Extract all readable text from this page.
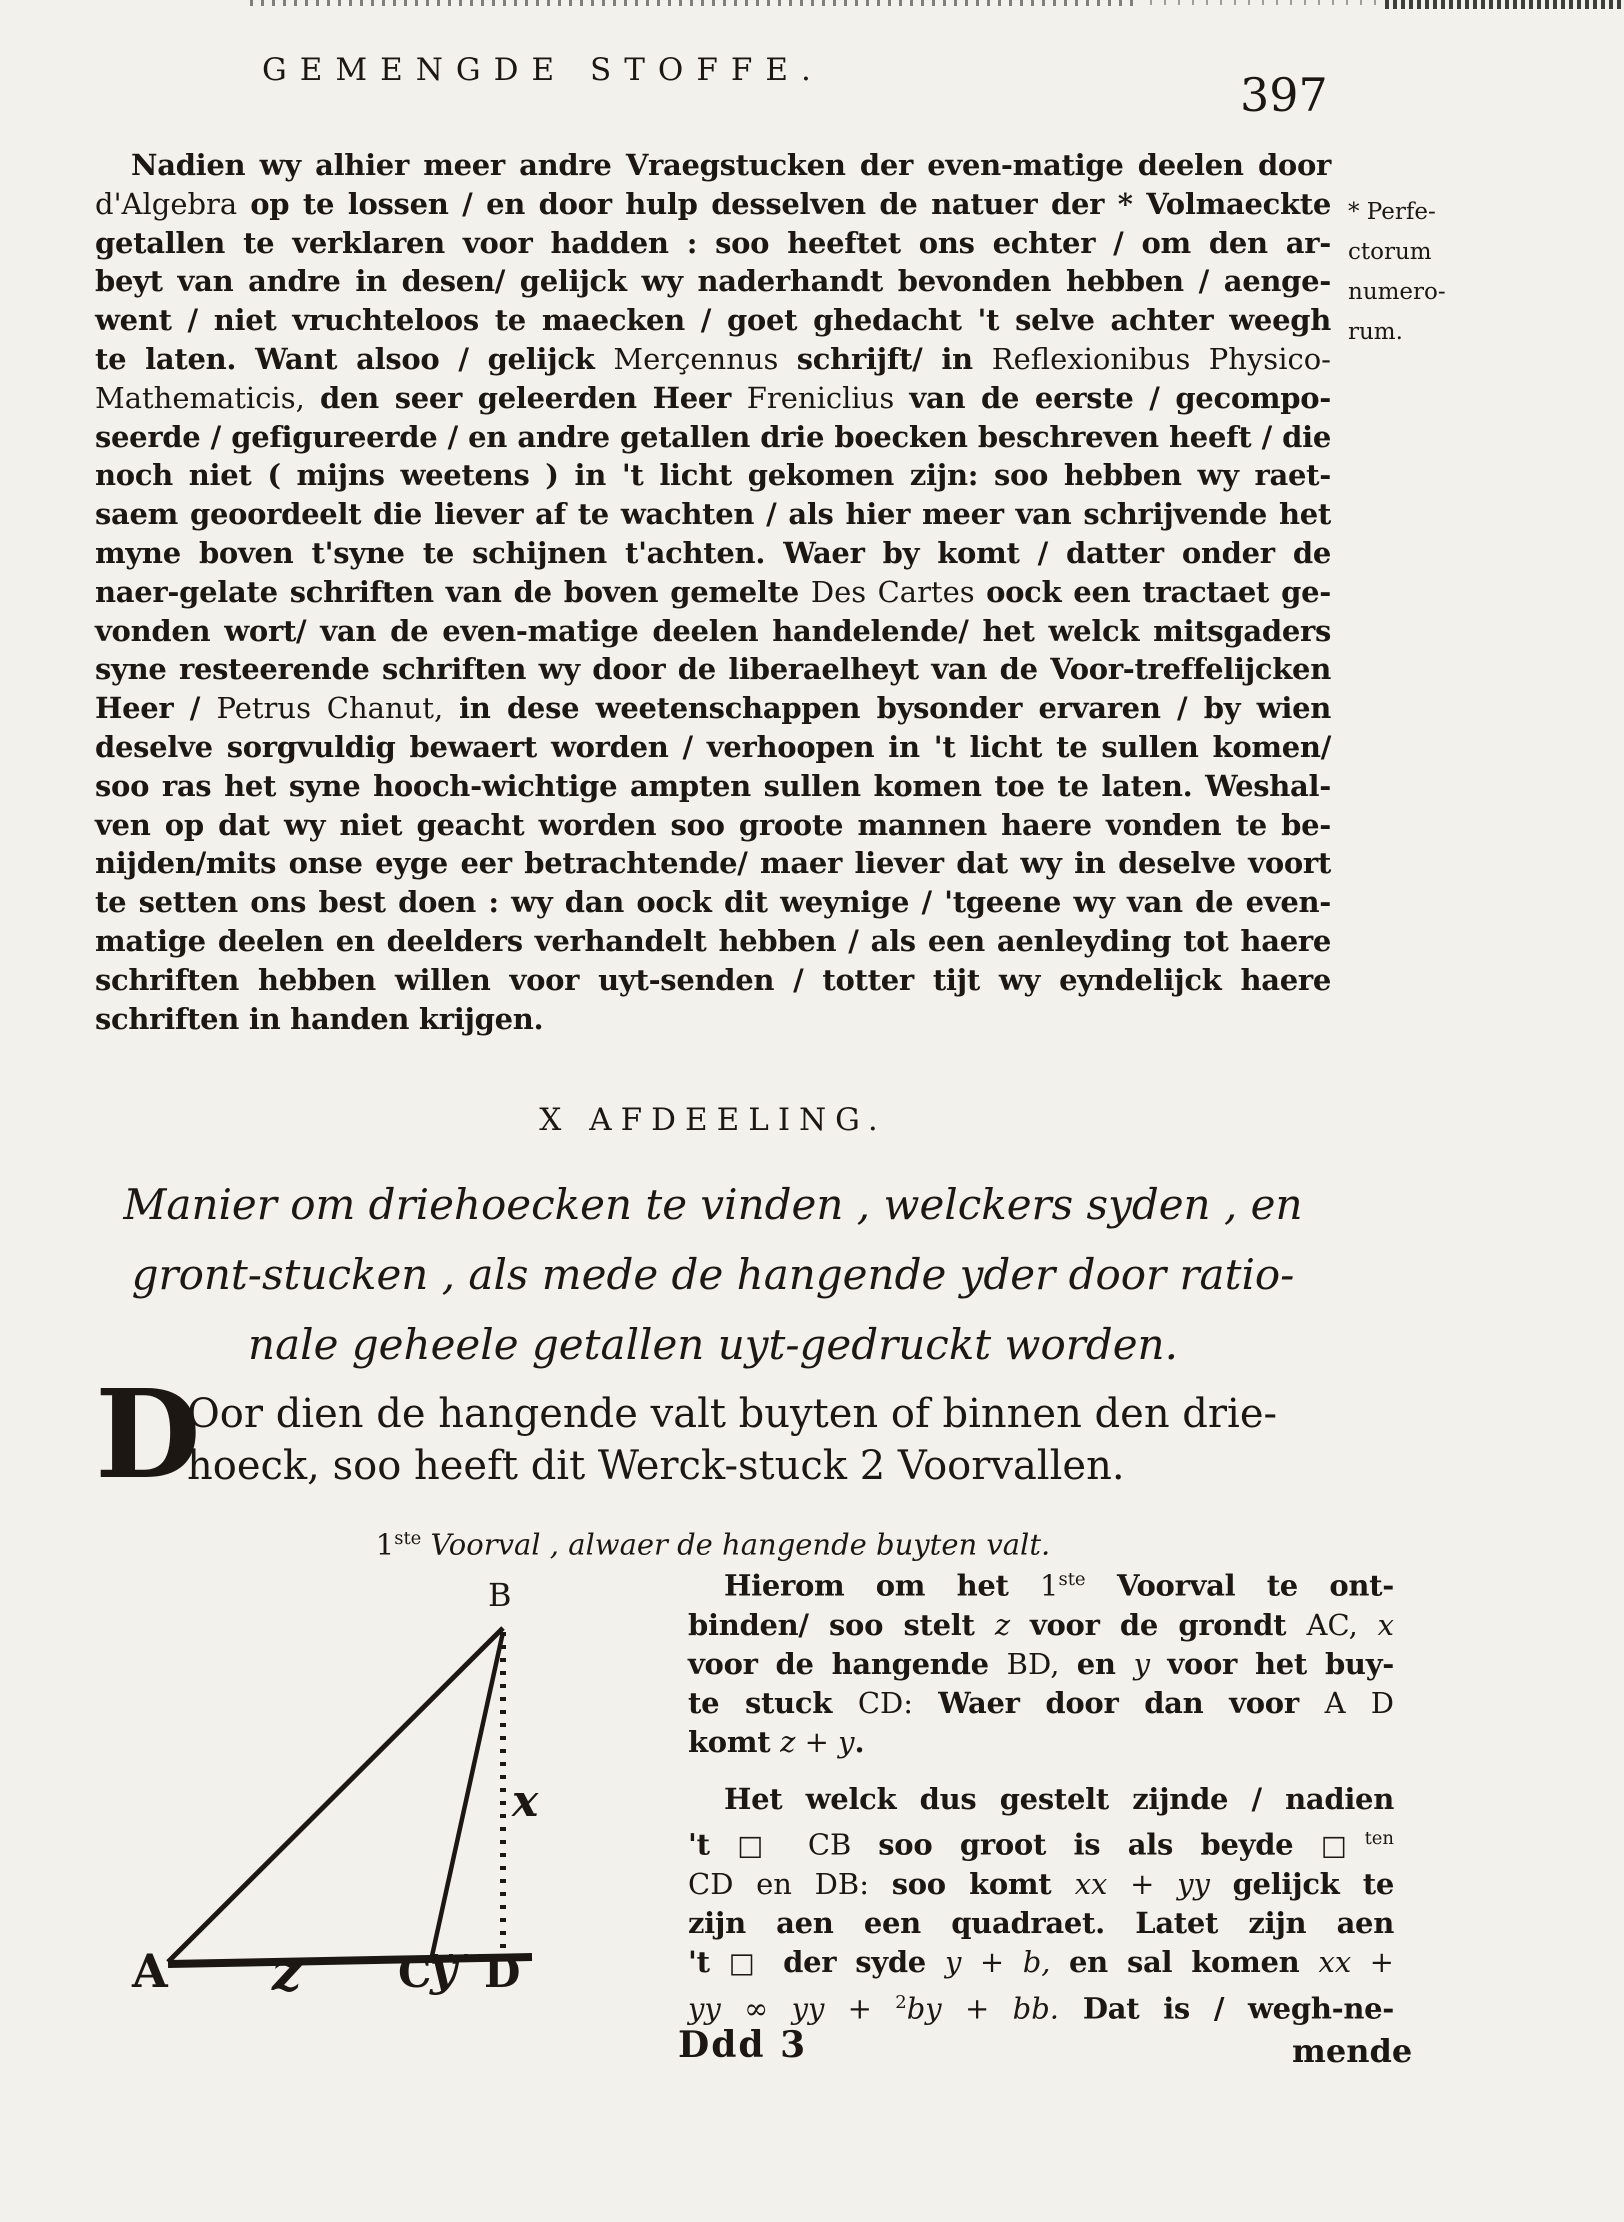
GEMENGDE STOFFE.	397
* Perfe-
ctorum
numero-
rum.
Nadien wy alhier meer andre Vraegstucken der even-matige deelen door
d'Algebra op te lossen / en door hulp desselven de natuer der * Volmaeckte
getallen te verklaren voor hadden : soo heeftet ons echter / om den ar-
beyt van andre in desen/ gelijck wy naderhandt bevonden hebben / aenge-
went / niet vruchteloos te maecken / goet ghedacht 't selve achter weegh
te laten. Want alsoo / gelijck Merçennus schrijft/ in Reflexionibus Physico-
Mathematicis, den seer geleerden Heer Freniclius van de eerste / gecompo-
seerde / gefigureerde / en andre getallen drie boecken beschreven heeft / die
noch niet ( mijns weetens ) in 't licht gekomen zijn: soo hebben wy raet-
saem geoordeelt die liever af te wachten / als hier meer van schrijvende het
myne boven t'syne te schijnen t'achten. Waer by komt / datter onder de
naer-gelate schriften van de boven gemelte Des Cartes oock een tractaet ge-
vonden wort/ van de even-matige deelen handelende/ het welck mitsgaders
syne resteerende schriften wy door de liberaelheyt van de Voor-treffelijcken
Heer / Petrus Chanut, in dese weetenschappen bysonder ervaren / by wien
deselve sorgvuldig bewaert worden / verhoopen in 't licht te sullen komen/
soo ras het syne hooch-wichtige ampten sullen komen toe te laten. Weshal-
ven op dat wy niet geacht worden soo groote mannen haere vonden te be-
nijden/mits onse eyge eer betrachtende/ maer liever dat wy in deselve voort
te setten ons best doen : wy dan oock dit weynige / 'tgeene wy van de even-
matige deelen en deelders verhandelt hebben / als een aenleyding tot haere
schriften hebben willen voor uyt-senden / totter tijt wy eyndelijck haere
schriften in handen krijgen.
X AFDEELING.
Manier om driehoecken te vinden , welckers syden , en
gront-stucken , als mede de hangende yder door ratio-
nale geheele getallen uyt-gedruckt worden.
D
Oor dien de hangende valt buyten of binnen den drie-
hoeck, soo heeft dit Werck-stuck 2 Voorvallen.
1ste Voorval , alwaer de hangende buyten valt.
B
A z C
y D
x
Hierom om het 1ste Voorval te ont-
binden/ soo stelt z voor de grondt AC, x
voor de hangende BD, en y voor het buy-
te stuck CD: Waer door dan voor A D
komt z + y.
Het welck dus gestelt zijnde / nadien
't □ CB soo groot is als beyde □$^{ten}$
CD en DB: soo komt xx + yy gelijck te
zijn aen een quadraet. Latet zijn aen
't □ der syde y + b, en sal komen xx +
yy ∞ yy + $^2$by + bb. Dat is / wegh-ne-
Ddd 3	mende
